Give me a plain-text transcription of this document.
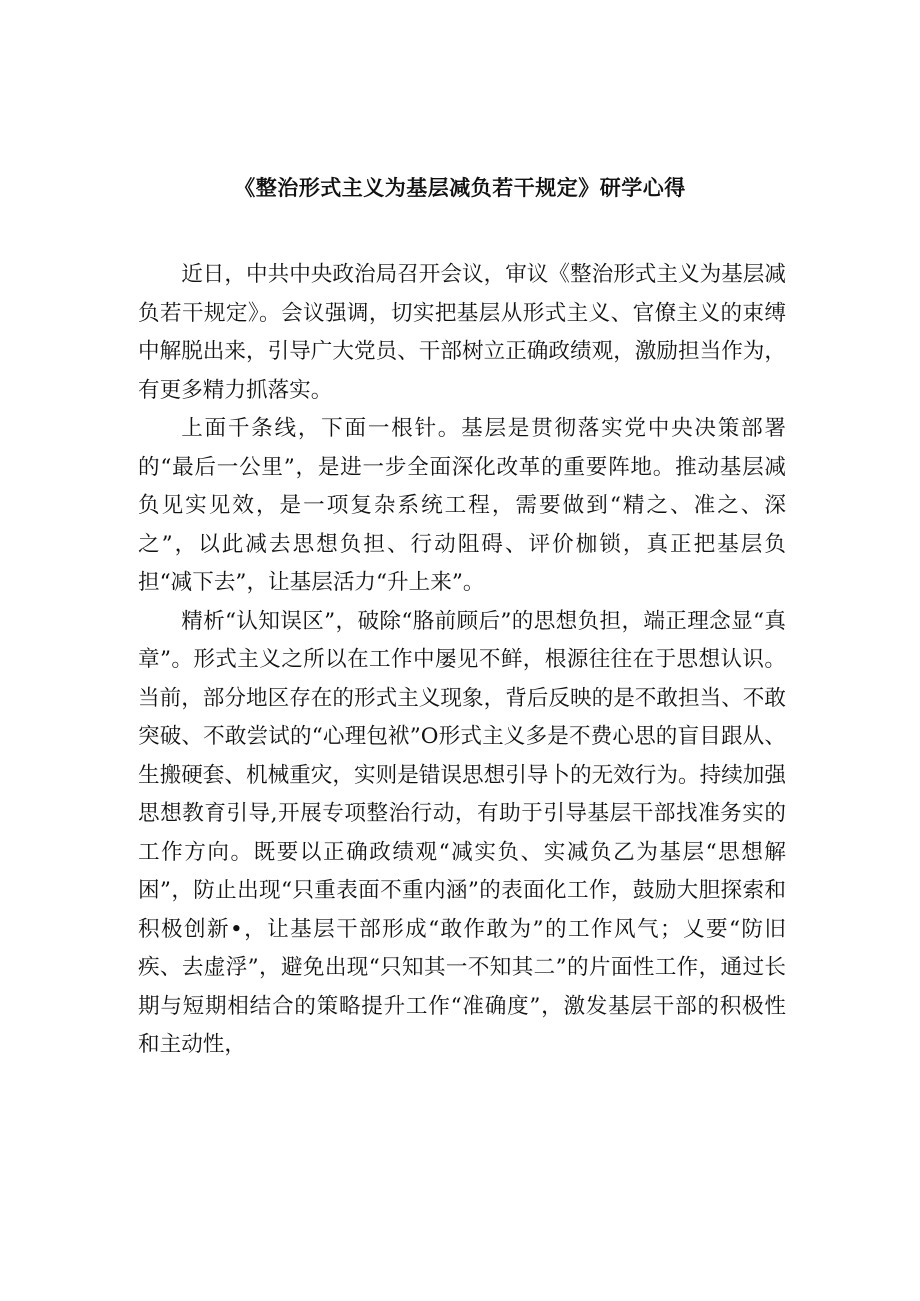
《整治形式主义为基层减负若干规定》研学心得

近日，中共中央政治局召开会议，审议《整治形式主义为基层减负若干规定》。会议强调，切实把基层从形式主义、官僚主义的束缚中解脱出来，引导广大党员、干部树立正确政绩观，激励担当作为，有更多精力抓落实。

上面千条线，下面一根针。基层是贯彻落实党中央决策部署的“最后一公里”，是进一步全面深化改革的重要阵地。推动基层减负见实见效，是一项复杂系统工程，需要做到“精之、准之、深之”，以此减去思想负担、行动阻碍、评价枷锁，真正把基层负担“减下去”，让基层活力“升上来”。

精析“认知误区”，破除“胳前顾后”的思想负担，端正理念显“真章”。形式主义之所以在工作中屡见不鲜，根源往往在于思想认识。当前，部分地区存在的形式主义现象，背后反映的是不敢担当、不敢突破、不敢尝试的“心理包袱”O形式主义多是不费心思的盲目跟从、生搬硬套、机械重灾，实则是错误思想引导卜的无效行为。持续加强思想教育引导,开展专项整治行动，有助于引导基层干部找准务实的工作方向。既要以正确政绩观“减实负、实减负乙为基层“思想解困”，防止出现“只重表面不重内涵”的表面化工作，鼓励大胆探索和积极创新•，让基层干部形成“敢作敢为”的工作风气；乂要“防旧疾、去虚浮”，避免出现“只知其一不知其二”的片面性工作，通过长期与短期相结合的策略提升工作“准确度”，激发基层干部的积极性和主动性，
